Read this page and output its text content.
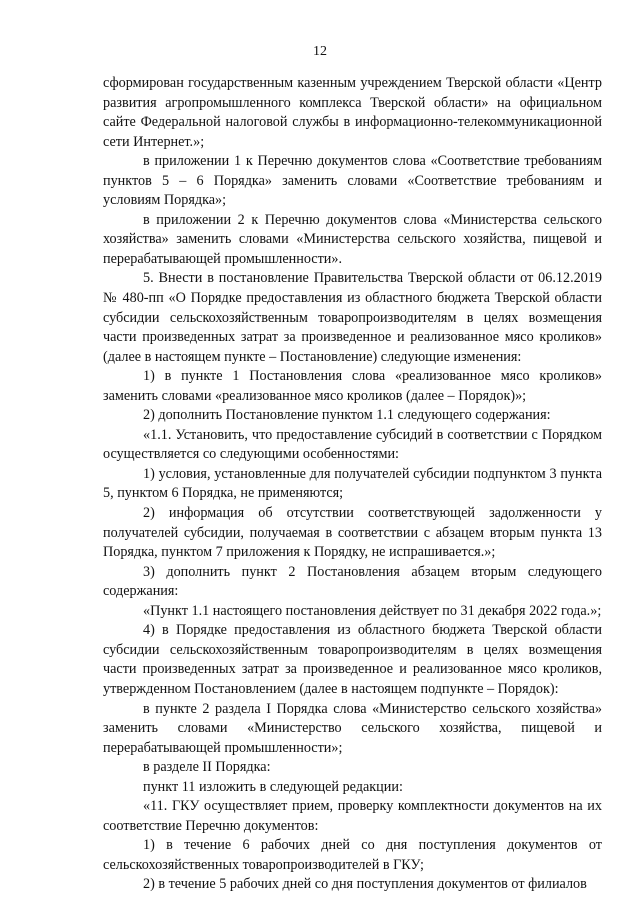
12

сформирован государственным казенным учреждением Тверской области «Центр развития агропромышленного комплекса Тверской области» на официальном сайте Федеральной налоговой службы в информационно-телекоммуникационной сети Интернет.»;

в приложении 1 к Перечню документов слова «Соответствие требованиям пунктов 5 – 6 Порядка» заменить словами «Соответствие требованиям и условиям Порядка»;

в приложении 2 к Перечню документов слова «Министерства сельского хозяйства» заменить словами «Министерства сельского хозяйства, пищевой и перерабатывающей промышленности».

5. Внести в постановление Правительства Тверской области от 06.12.2019 № 480-пп «О Порядке предоставления из областного бюджета Тверской области субсидии сельскохозяйственным товаропроизводителям в целях возмещения части произведенных затрат за произведенное и реализованное мясо кроликов» (далее в настоящем пункте – Постановление) следующие изменения:

1) в пункте 1 Постановления слова «реализованное мясо кроликов» заменить словами «реализованное мясо кроликов (далее – Порядок)»;

2) дополнить Постановление пунктом 1.1 следующего содержания:

«1.1. Установить, что предоставление субсидий в соответствии с Порядком осуществляется со следующими особенностями:

1) условия, установленные для получателей субсидии подпунктом 3 пункта 5, пунктом 6 Порядка, не применяются;

2) информация об отсутствии соответствующей задолженности у получателей субсидии, получаемая в соответствии с абзацем вторым пункта 13 Порядка, пунктом 7 приложения к Порядку, не испрашивается.»;

3) дополнить пункт 2 Постановления абзацем вторым следующего содержания:

«Пункт 1.1 настоящего постановления действует по 31 декабря 2022 года.»;

4) в Порядке предоставления из областного бюджета Тверской области субсидии сельскохозяйственным товаропроизводителям в целях возмещения части произведенных затрат за произведенное и реализованное мясо кроликов, утвержденном Постановлением (далее в настоящем подпункте – Порядок):

в пункте 2 раздела I Порядка слова «Министерство сельского хозяйства» заменить словами «Министерство сельского хозяйства, пищевой и перерабатывающей промышленности»;

в разделе II Порядка:

пункт 11 изложить в следующей редакции:

«11. ГКУ осуществляет прием, проверку комплектности документов на их соответствие Перечню документов:

1) в течение 6 рабочих дней со дня поступления документов от сельскохозяйственных товаропроизводителей в ГКУ;

2) в течение 5 рабочих дней со дня поступления документов от филиалов
